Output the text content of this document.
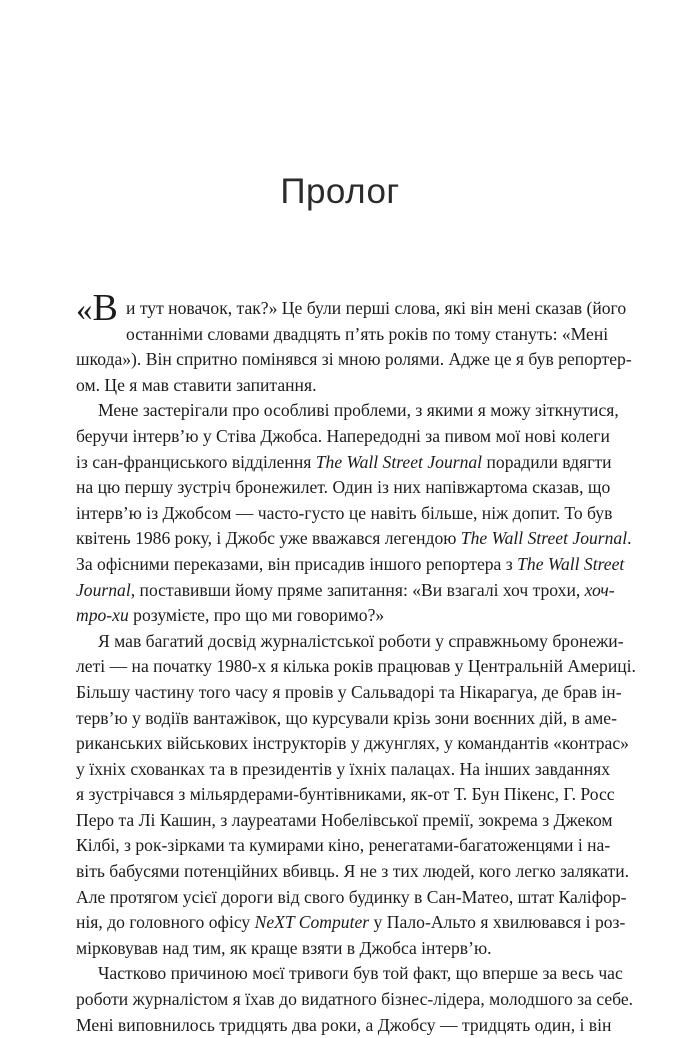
Пролог
«В и тут новачок, так?» Це були перші слова, які він мені сказав (його
останніми словами двадцять п’ять років по тому стануть: «Мені
шкода»). Він спритно помінявся зі мною ролями. Адже це я був репортер-
ом. Це я мав ставити запитання.
Мене застерігали про особливі проблеми, з якими я можу зіткнутися,
беручи інтерв’ю у Стіва Джобса. Напередодні за пивом мої нові колеги
із сан-франциського відділення The Wall Street Journal порадили вдягти
на цю першу зустріч бронежилет. Один із них напівжартома сказав, що
інтерв’ю із Джобсом — часто-густо це навіть більше, ніж допит. То був
квітень 1986 року, і Джобс уже вважався легендою The Wall Street Journal.
За офісними переказами, він присадив іншого репортера з The Wall Street
Journal, поставивши йому пряме запитання: «Ви взагалі хоч трохи, хоч-
тро-хи розумієте, про що ми говоримо?»
Я мав багатий досвід журналістської роботи у справжньому бронежи-
леті — на початку 1980-х я кілька років працював у Центральній Америці.
Більшу частину того часу я провів у Сальвадорі та Нікарагуа, де брав ін-
терв’ю у водіїв вантажівок, що курсували крізь зони воєнних дій, в аме-
риканських військових інструкторів у джунглях, у командантів «контрас»
у їхніх схованках та в президентів у їхніх палацах. На інших завданнях
я зустрічався з мільярдерами-бунтівниками, як-от Т. Бун Пікенс, Г. Росс
Перо та Лі Кашин, з лауреатами Нобелівської премії, зокрема з Джеком
Кілбі, з рок-зірками та кумирами кіно, ренегатами-багатоженцями і на-
віть бабусями потенційних вбивць. Я не з тих людей, кого легко залякати.
Але протягом усієї дороги від свого будинку в Сан-Матео, штат Каліфор-
нія, до головного офісу NeXT Computer у Пало-Альто я хвилювався і роз-
мірковував над тим, як краще взяти в Джобса інтерв’ю.
Частково причиною моєї тривоги був той факт, що вперше за весь час
роботи журналістом я їхав до видатного бізнес-лідера, молодшого за себе.
Мені виповнилось тридцять два роки, а Джобсу — тридцять один, і він
